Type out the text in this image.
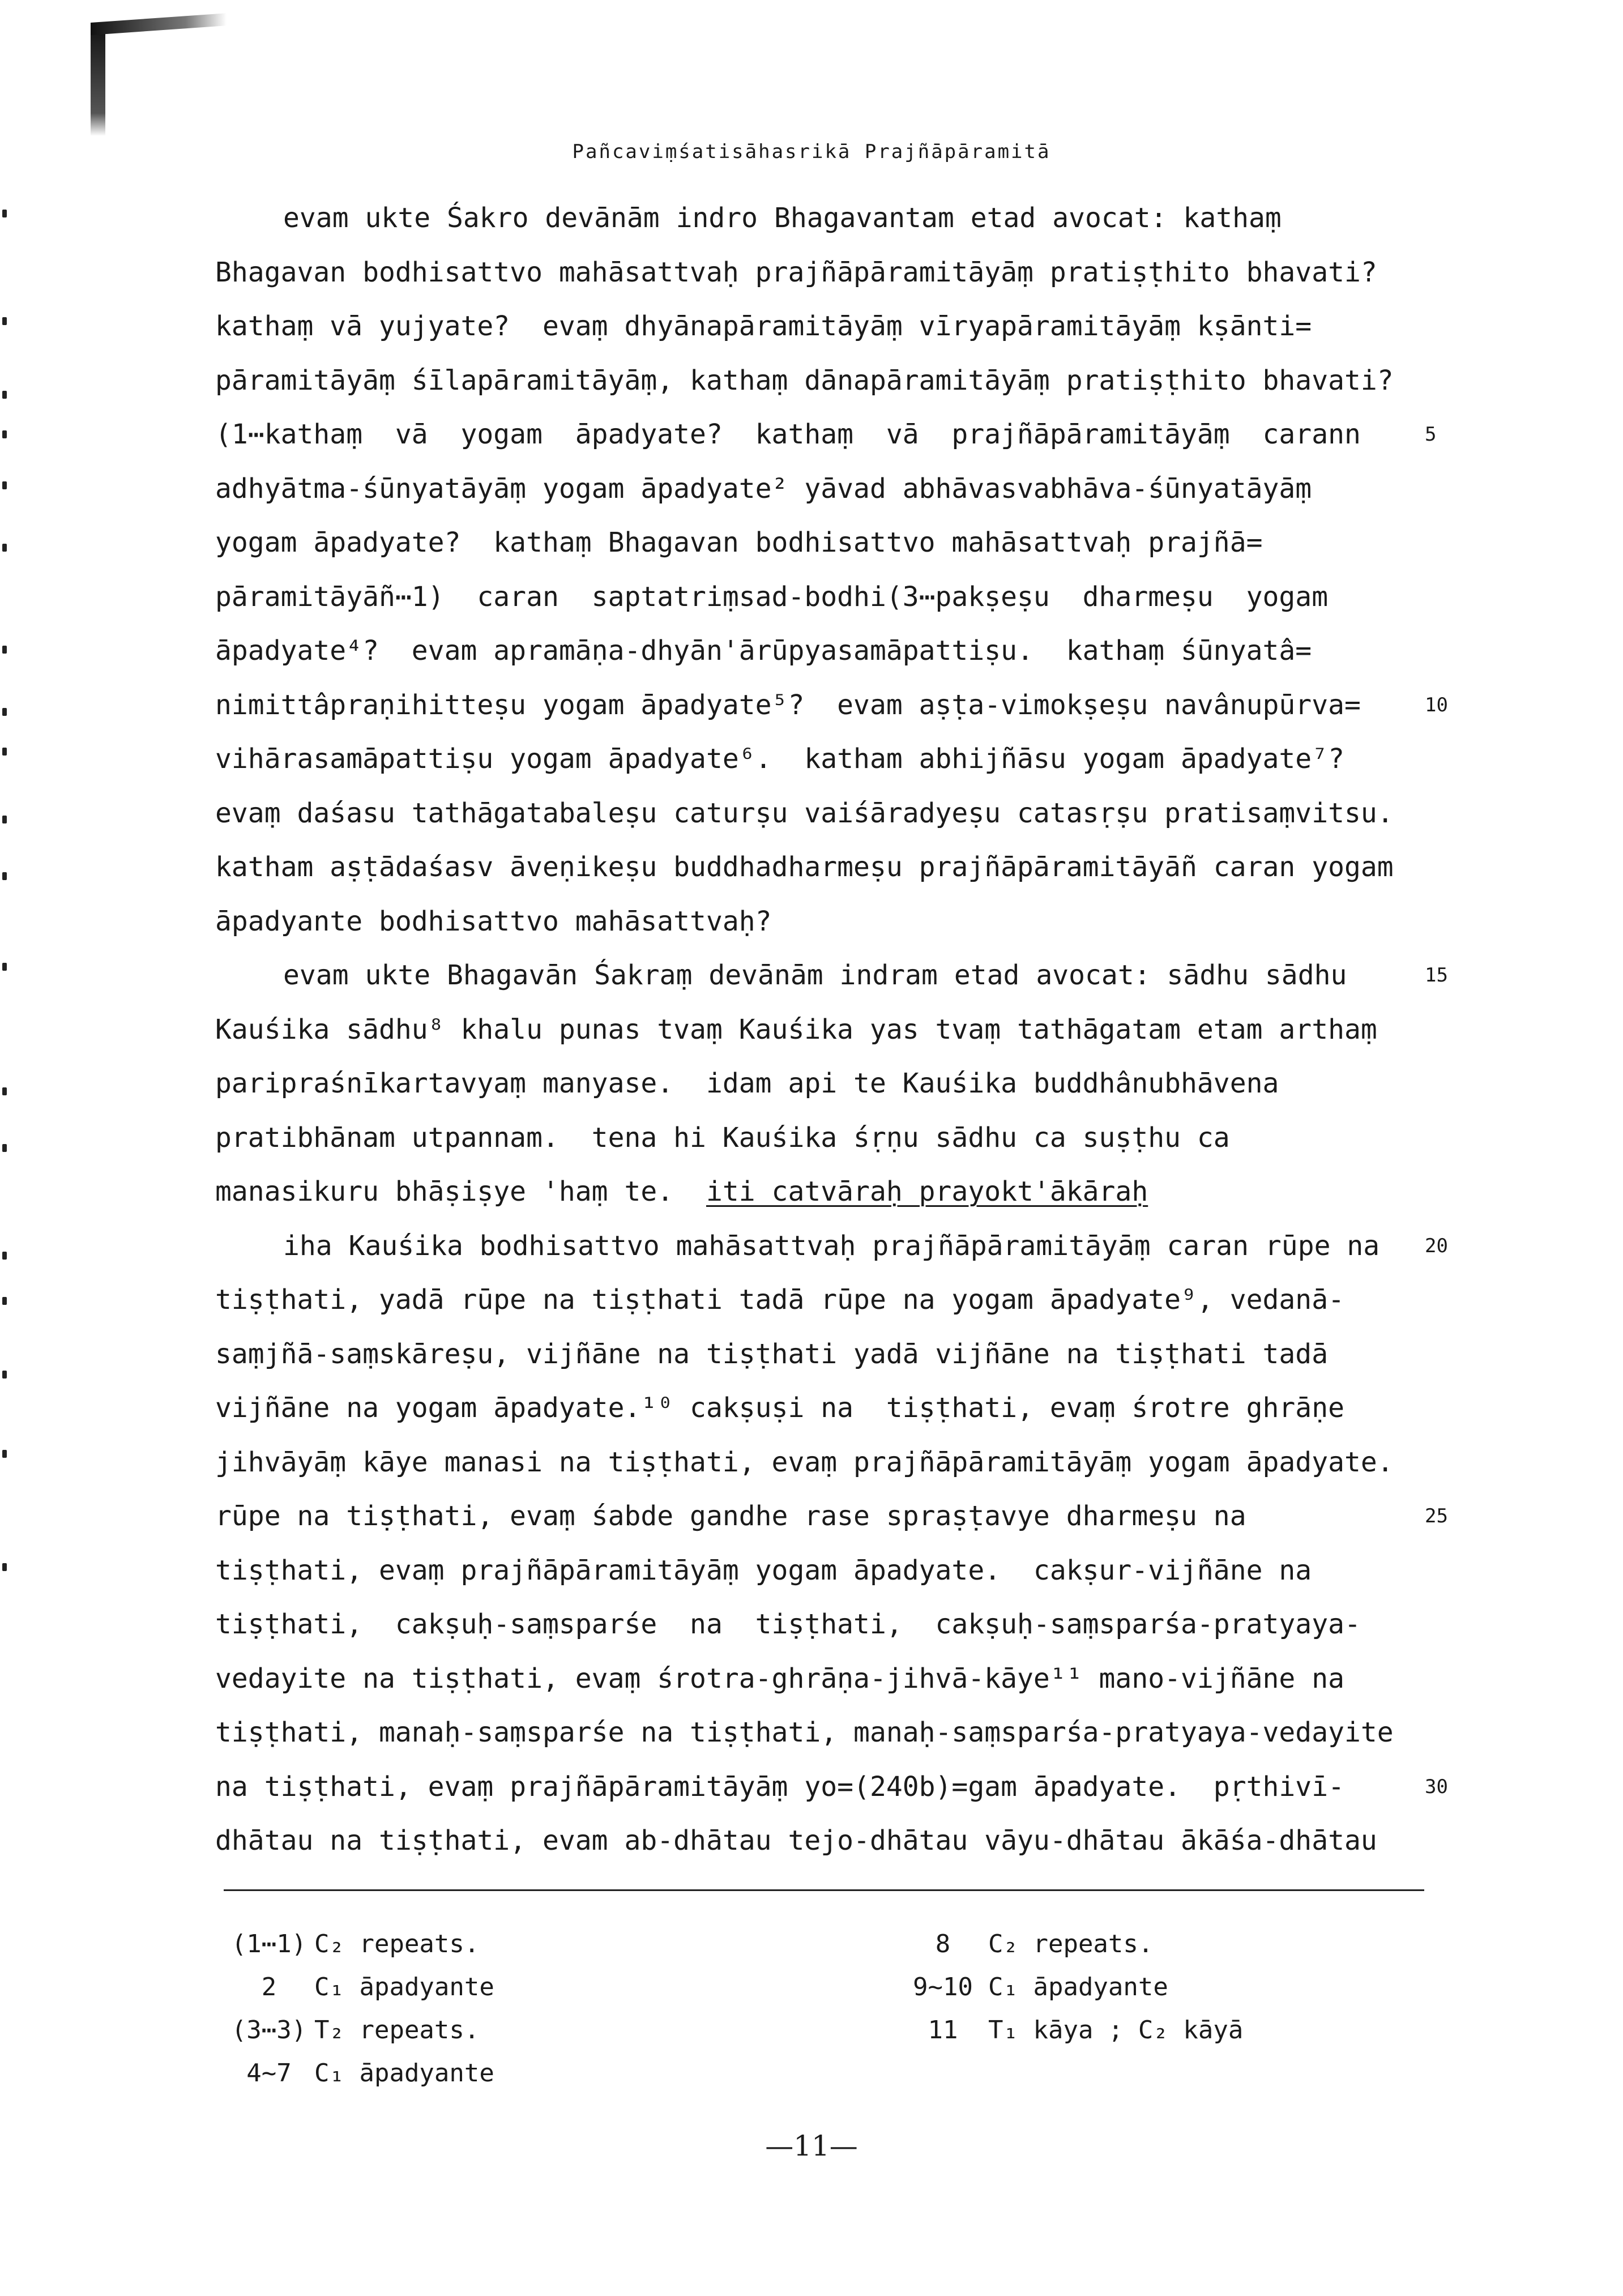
Pañcaviṃśatisāhasrikā Prajñāpāramitā
evam ukte Śakro devānām indro Bhagavantam etad avocat: kathaṃ
Bhagavan bodhisattvo mahāsattvaḥ prajñāpāramitāyāṃ pratiṣṭhito bhavati?
kathaṃ vā yujyate?  evaṃ dhyānapāramitāyāṃ vīryapāramitāyāṃ kṣānti=
pāramitāyāṃ śīlapāramitāyāṃ, kathaṃ dānapāramitāyāṃ pratiṣṭhito bhavati?
(1⋯kathaṃ  vā  yogam  āpadyate?  kathaṃ  vā  prajñāpāramitāyāṃ  carann	5
adhyātma-śūnyatāyāṃ yogam āpadyate² yāvad abhāvasvabhāva-śūnyatāyāṃ
yogam āpadyate?  kathaṃ Bhagavan bodhisattvo mahāsattvaḥ prajñā=
pāramitāyāñ⋯1)  caran  saptatriṃsad-bodhi(3⋯pakṣeṣu  dharmeṣu  yogam
āpadyate⁴?  evam apramāṇa-dhyān'ārūpyasamāpattiṣu.  kathaṃ śūnyatâ=
nimittâpraṇihitteṣu yogam āpadyate⁵?  evam aṣṭa-vimokṣeṣu navânupūrva=	10
vihārasamāpattiṣu yogam āpadyate⁶.  katham abhijñāsu yogam āpadyate⁷?
evaṃ daśasu tathāgatabaleṣu caturṣu vaiśāradyeṣu catasṛṣu pratisaṃvitsu.
katham aṣṭādaśasv āveṇikeṣu buddhadharmeṣu prajñāpāramitāyāñ caran yogam
āpadyante bodhisattvo mahāsattvaḥ?
evam ukte Bhagavān Śakraṃ devānām indram etad avocat: sādhu sādhu	15
Kauśika sādhu⁸ khalu punas tvaṃ Kauśika yas tvaṃ tathāgatam etam arthaṃ
paripraśnīkartavyaṃ manyase.  idam api te Kauśika buddhânubhāvena
pratibhānam utpannam.  tena hi Kauśika śṛṇu sādhu ca suṣṭhu ca
manasikuru bhāṣiṣye 'haṃ te.  iti catvāraḥ prayokt'ākāraḥ
iha Kauśika bodhisattvo mahāsattvaḥ prajñāpāramitāyāṃ caran rūpe na	20
tiṣṭhati, yadā rūpe na tiṣṭhati tadā rūpe na yogam āpadyate⁹, vedanā-
saṃjñā-saṃskāreṣu, vijñāne na tiṣṭhati yadā vijñāne na tiṣṭhati tadā
vijñāne na yogam āpadyate.¹⁰ cakṣuṣi na  tiṣṭhati, evaṃ śrotre ghrāṇe
jihvāyāṃ kāye manasi na tiṣṭhati, evaṃ prajñāpāramitāyāṃ yogam āpadyate.
rūpe na tiṣṭhati, evaṃ śabde gandhe rase spraṣṭavye dharmeṣu na	25
tiṣṭhati, evaṃ prajñāpāramitāyāṃ yogam āpadyate.  cakṣur-vijñāne na
tiṣṭhati,  cakṣuḥ-saṃsparśe  na  tiṣṭhati,  cakṣuḥ-saṃsparśa-pratyaya-
vedayite na tiṣṭhati, evaṃ śrotra-ghrāṇa-jihvā-kāye¹¹ mano-vijñāne na
tiṣṭhati, manaḥ-saṃsparśe na tiṣṭhati, manaḥ-saṃsparśa-pratyaya-vedayite
na tiṣṭhati, evaṃ prajñāpāramitāyāṃ yo=(240b)=gam āpadyate.  pṛthivī-	30
dhātau na tiṣṭhati, evam ab-dhātau tejo-dhātau vāyu-dhātau ākāśa-dhātau
(1⋯1) C₂ repeats.
2 C₁ āpadyante
(3⋯3) T₂ repeats.
4~7 C₁ āpadyante
8 C₂ repeats.
9~10 C₁ āpadyante
11 T₁ kāya ; C₂ kāyā
—11—
